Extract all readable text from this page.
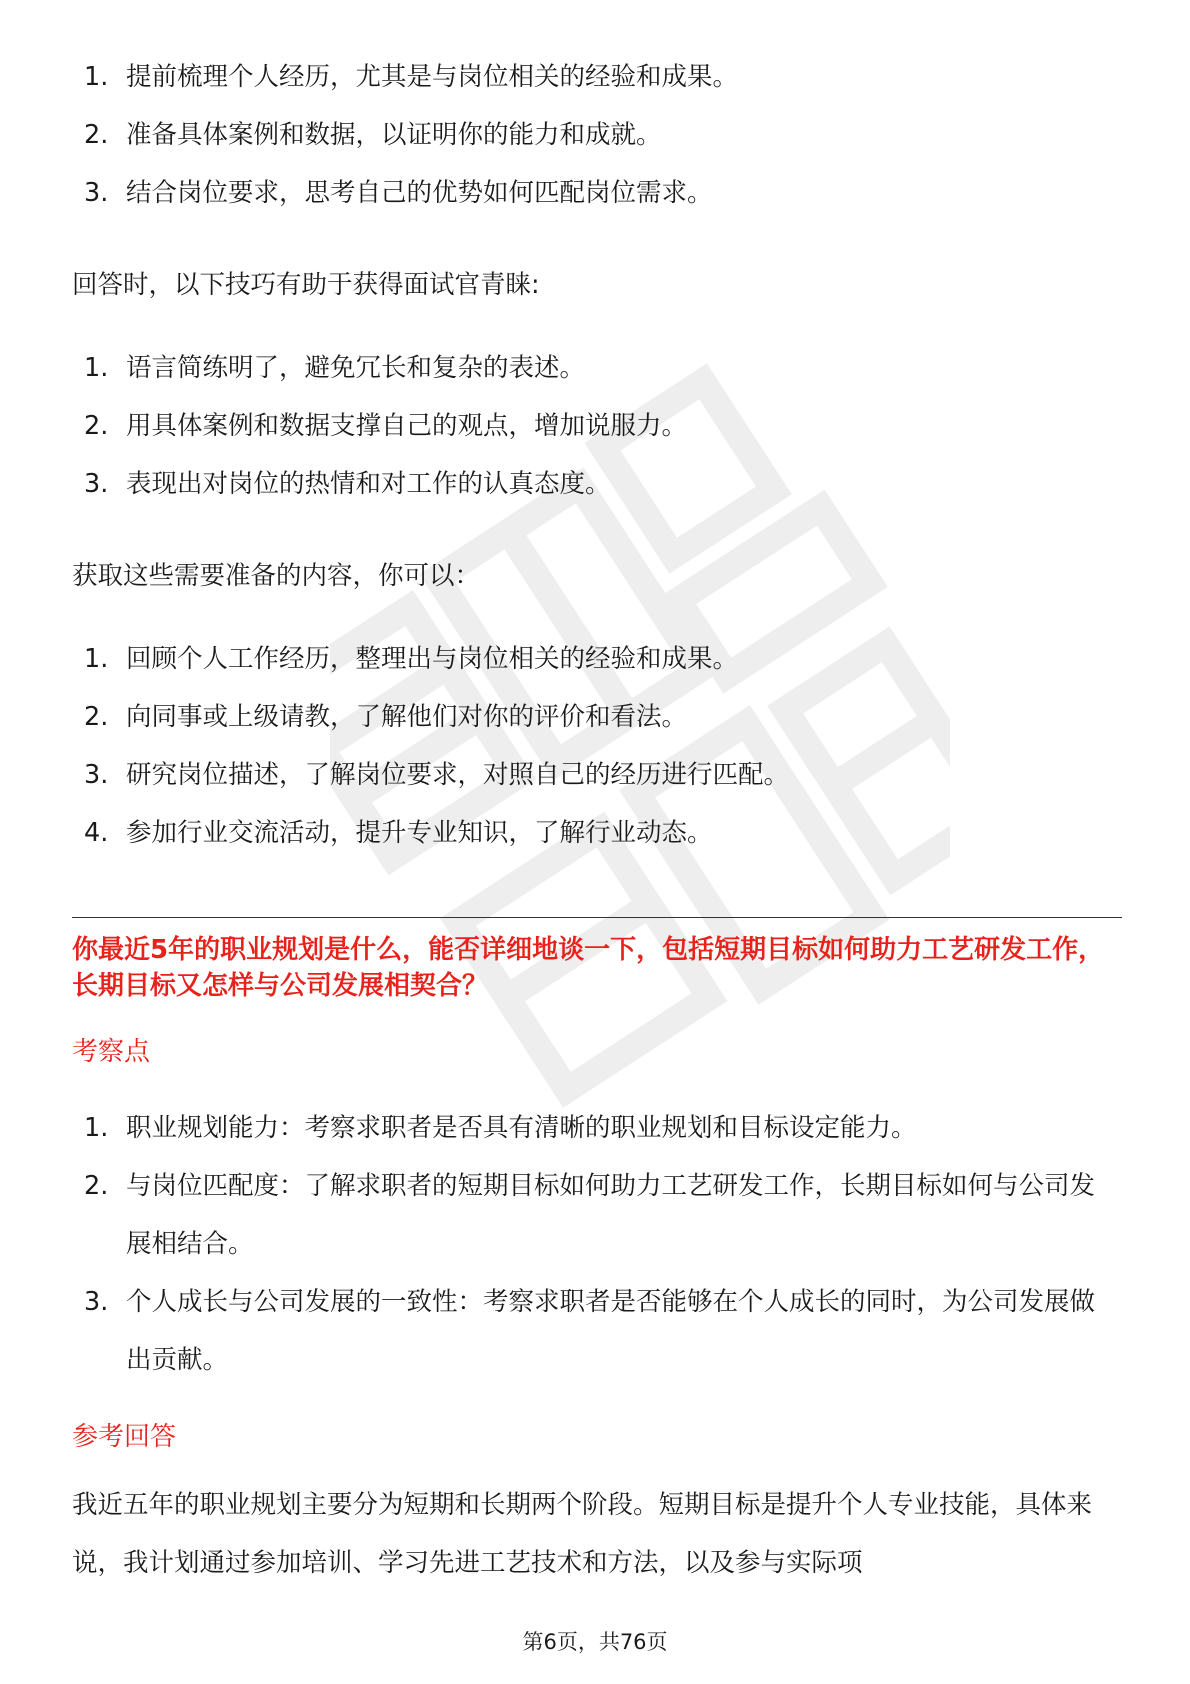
1. 提前梳理个人经历，尤其是与岗位相关的经验和成果。
2. 准备具体案例和数据，以证明你的能力和成就。
3. 结合岗位要求，思考自己的优势如何匹配岗位需求。

回答时，以下技巧有助于获得面试官青睐:

1. 语言简练明了，避免冗长和复杂的表述。
2. 用具体案例和数据支撑自己的观点，增加说服力。
3. 表现出对岗位的热情和对工作的认真态度。

获取这些需要准备的内容，你可以：

1. 回顾个人工作经历，整理出与岗位相关的经验和成果。
2. 向同事或上级请教，了解他们对你的评价和看法。
3. 研究岗位描述，了解岗位要求，对照自己的经历进行匹配。
4. 参加行业交流活动，提升专业知识，了解行业动态。

你最近5年的职业规划是什么，能否详细地谈一下，包括短期目标如何助力工艺研发工作，长期目标又怎样与公司发展相契合？

考察点

1. 职业规划能力：考察求职者是否具有清晰的职业规划和目标设定能力。
2. 与岗位匹配度：了解求职者的短期目标如何助力工艺研发工作，长期目标如何与公司发展相结合。
3. 个人成长与公司发展的一致性：考察求职者是否能够在个人成长的同时，为公司发展做出贡献。

参考回答

我近五年的职业规划主要分为短期和长期两个阶段。短期目标是提升个人专业技能，具体来说，我计划通过参加培训、学习先进工艺技术和方法，以及参与实际项

第6页，共76页
